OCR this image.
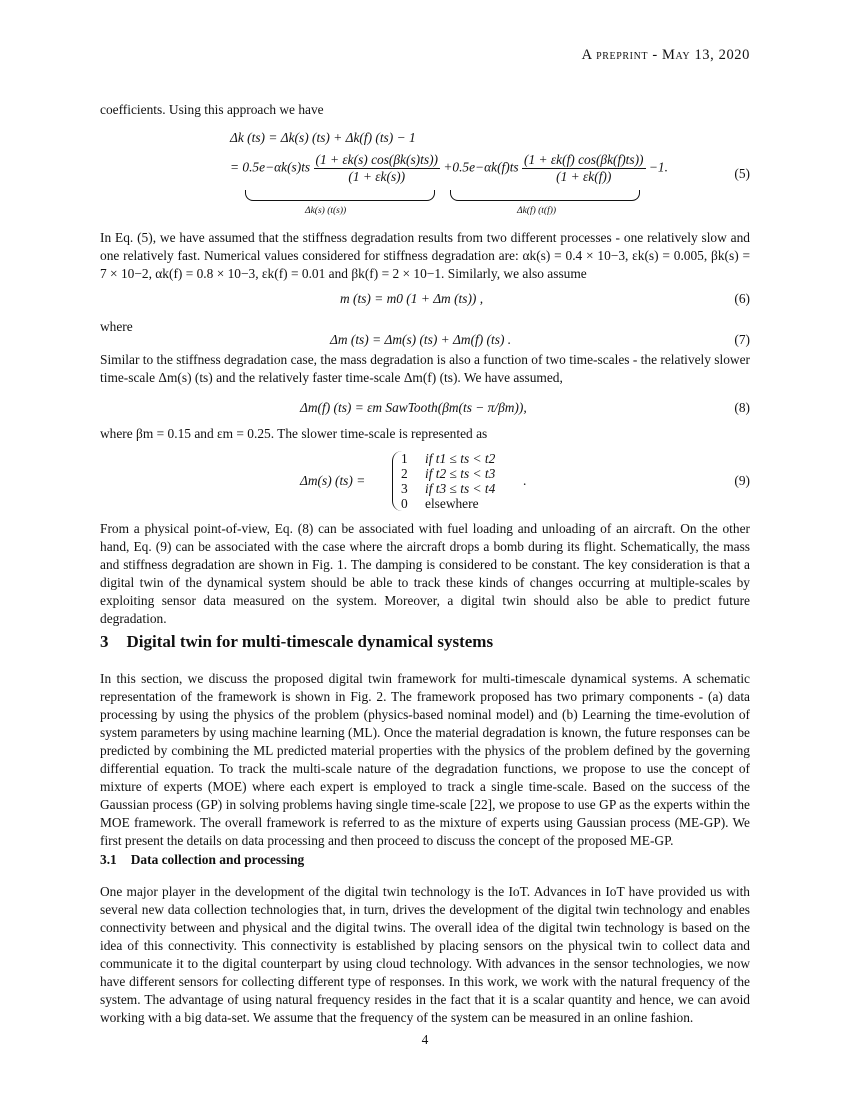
A preprint - May 13, 2020

coefficients. Using this approach we have

Δk (ts) = Δk(s) (ts) + Δk(f) (ts) − 1
= $0.5e-\alpha k(s)ts \frac{(1 + \varepsilon k(s) \cos(\beta k(s)ts))}{(1 + \varepsilon k(s))} +0.5e-\alpha k(f)ts \frac{(1 + \varepsilon k(f) \cos(\beta k(f)ts))}{(1 + \varepsilon k(f))} -1$.	(5)
Δk(s) (t(s))	Δk(f) (t(f))

In Eq. (5), we have assumed that the stiffness degradation results from two different processes - one relatively slow and one relatively fast. Numerical values considered for stiffness degradation are: αk(s) = 0.4 × 10−3, εk(s) = 0.005, βk(s) = 7 × 10−2, αk(f) = 0.8 × 10−3, εk(f) = 0.01 and βk(f) = 2 × 10−1. Similarly, we also assume

m (ts) = m0 (1 + Δm (ts)) ,	(6)

where

Δm (ts) = Δm(s) (ts) + Δm(f) (ts) .	(7)

Similar to the stiffness degradation case, the mass degradation is also a function of two time-scales - the relatively slower time-scale Δm(s) (ts) and the relatively faster time-scale Δm(f) (ts). We have assumed,

Δm(f) (ts) = εm SawTooth(βm(ts − π/βm)),	(8)

where βm = 0.15 and εm = 0.25. The slower time-scale is represented as

Δm(s) (ts) =
1 if t1 ≤ ts < t2
2 if t2 ≤ ts < t3
3 if t3 ≤ ts < t4
0 elsewhere
.	(9)

From a physical point-of-view, Eq. (8) can be associated with fuel loading and unloading of an aircraft. On the other hand, Eq. (9) can be associated with the case where the aircraft drops a bomb during its flight. Schematically, the mass and stiffness degradation are shown in Fig. 1. The damping is considered to be constant. The key consideration is that a digital twin of the dynamical system should be able to track these kinds of changes occurring at multiple-scales by exploiting sensor data measured on the system. Moreover, a digital twin should also be able to predict future degradation.

3 Digital twin for multi-timescale dynamical systems

In this section, we discuss the proposed digital twin framework for multi-timescale dynamical systems. A schematic representation of the framework is shown in Fig. 2. The framework proposed has two primary components - (a) data processing by using the physics of the problem (physics-based nominal model) and (b) Learning the time-evolution of system parameters by using machine learning (ML). Once the material degradation is known, the future responses can be predicted by combining the ML predicted material properties with the physics of the problem defined by the governing differential equation. To track the multi-scale nature of the degradation functions, we propose to use the concept of mixture of experts (MOE) where each expert is employed to track a single time-scale. Based on the success of the Gaussian process (GP) in solving problems having single time-scale [22], we propose to use GP as the experts within the MOE framework. The overall framework is referred to as the mixture of experts using Gaussian process (ME-GP). We first present the details on data processing and then proceed to discuss the concept of the proposed ME-GP.

3.1 Data collection and processing

One major player in the development of the digital twin technology is the IoT. Advances in IoT have provided us with several new data collection technologies that, in turn, drives the development of the digital twin technology and enables connectivity between and physical and the digital twins. The overall idea of the digital twin technology is based on the idea of this connectivity. This connectivity is established by placing sensors on the physical twin to collect data and communicate it to the digital counterpart by using cloud technology. With advances in the sensor technologies, we now have different sensors for collecting different type of responses. In this work, we work with the natural frequency of the system. The advantage of using natural frequency resides in the fact that it is a scalar quantity and hence, we can avoid working with a big data-set. We assume that the frequency of the system can be measured in an online fashion.

4
